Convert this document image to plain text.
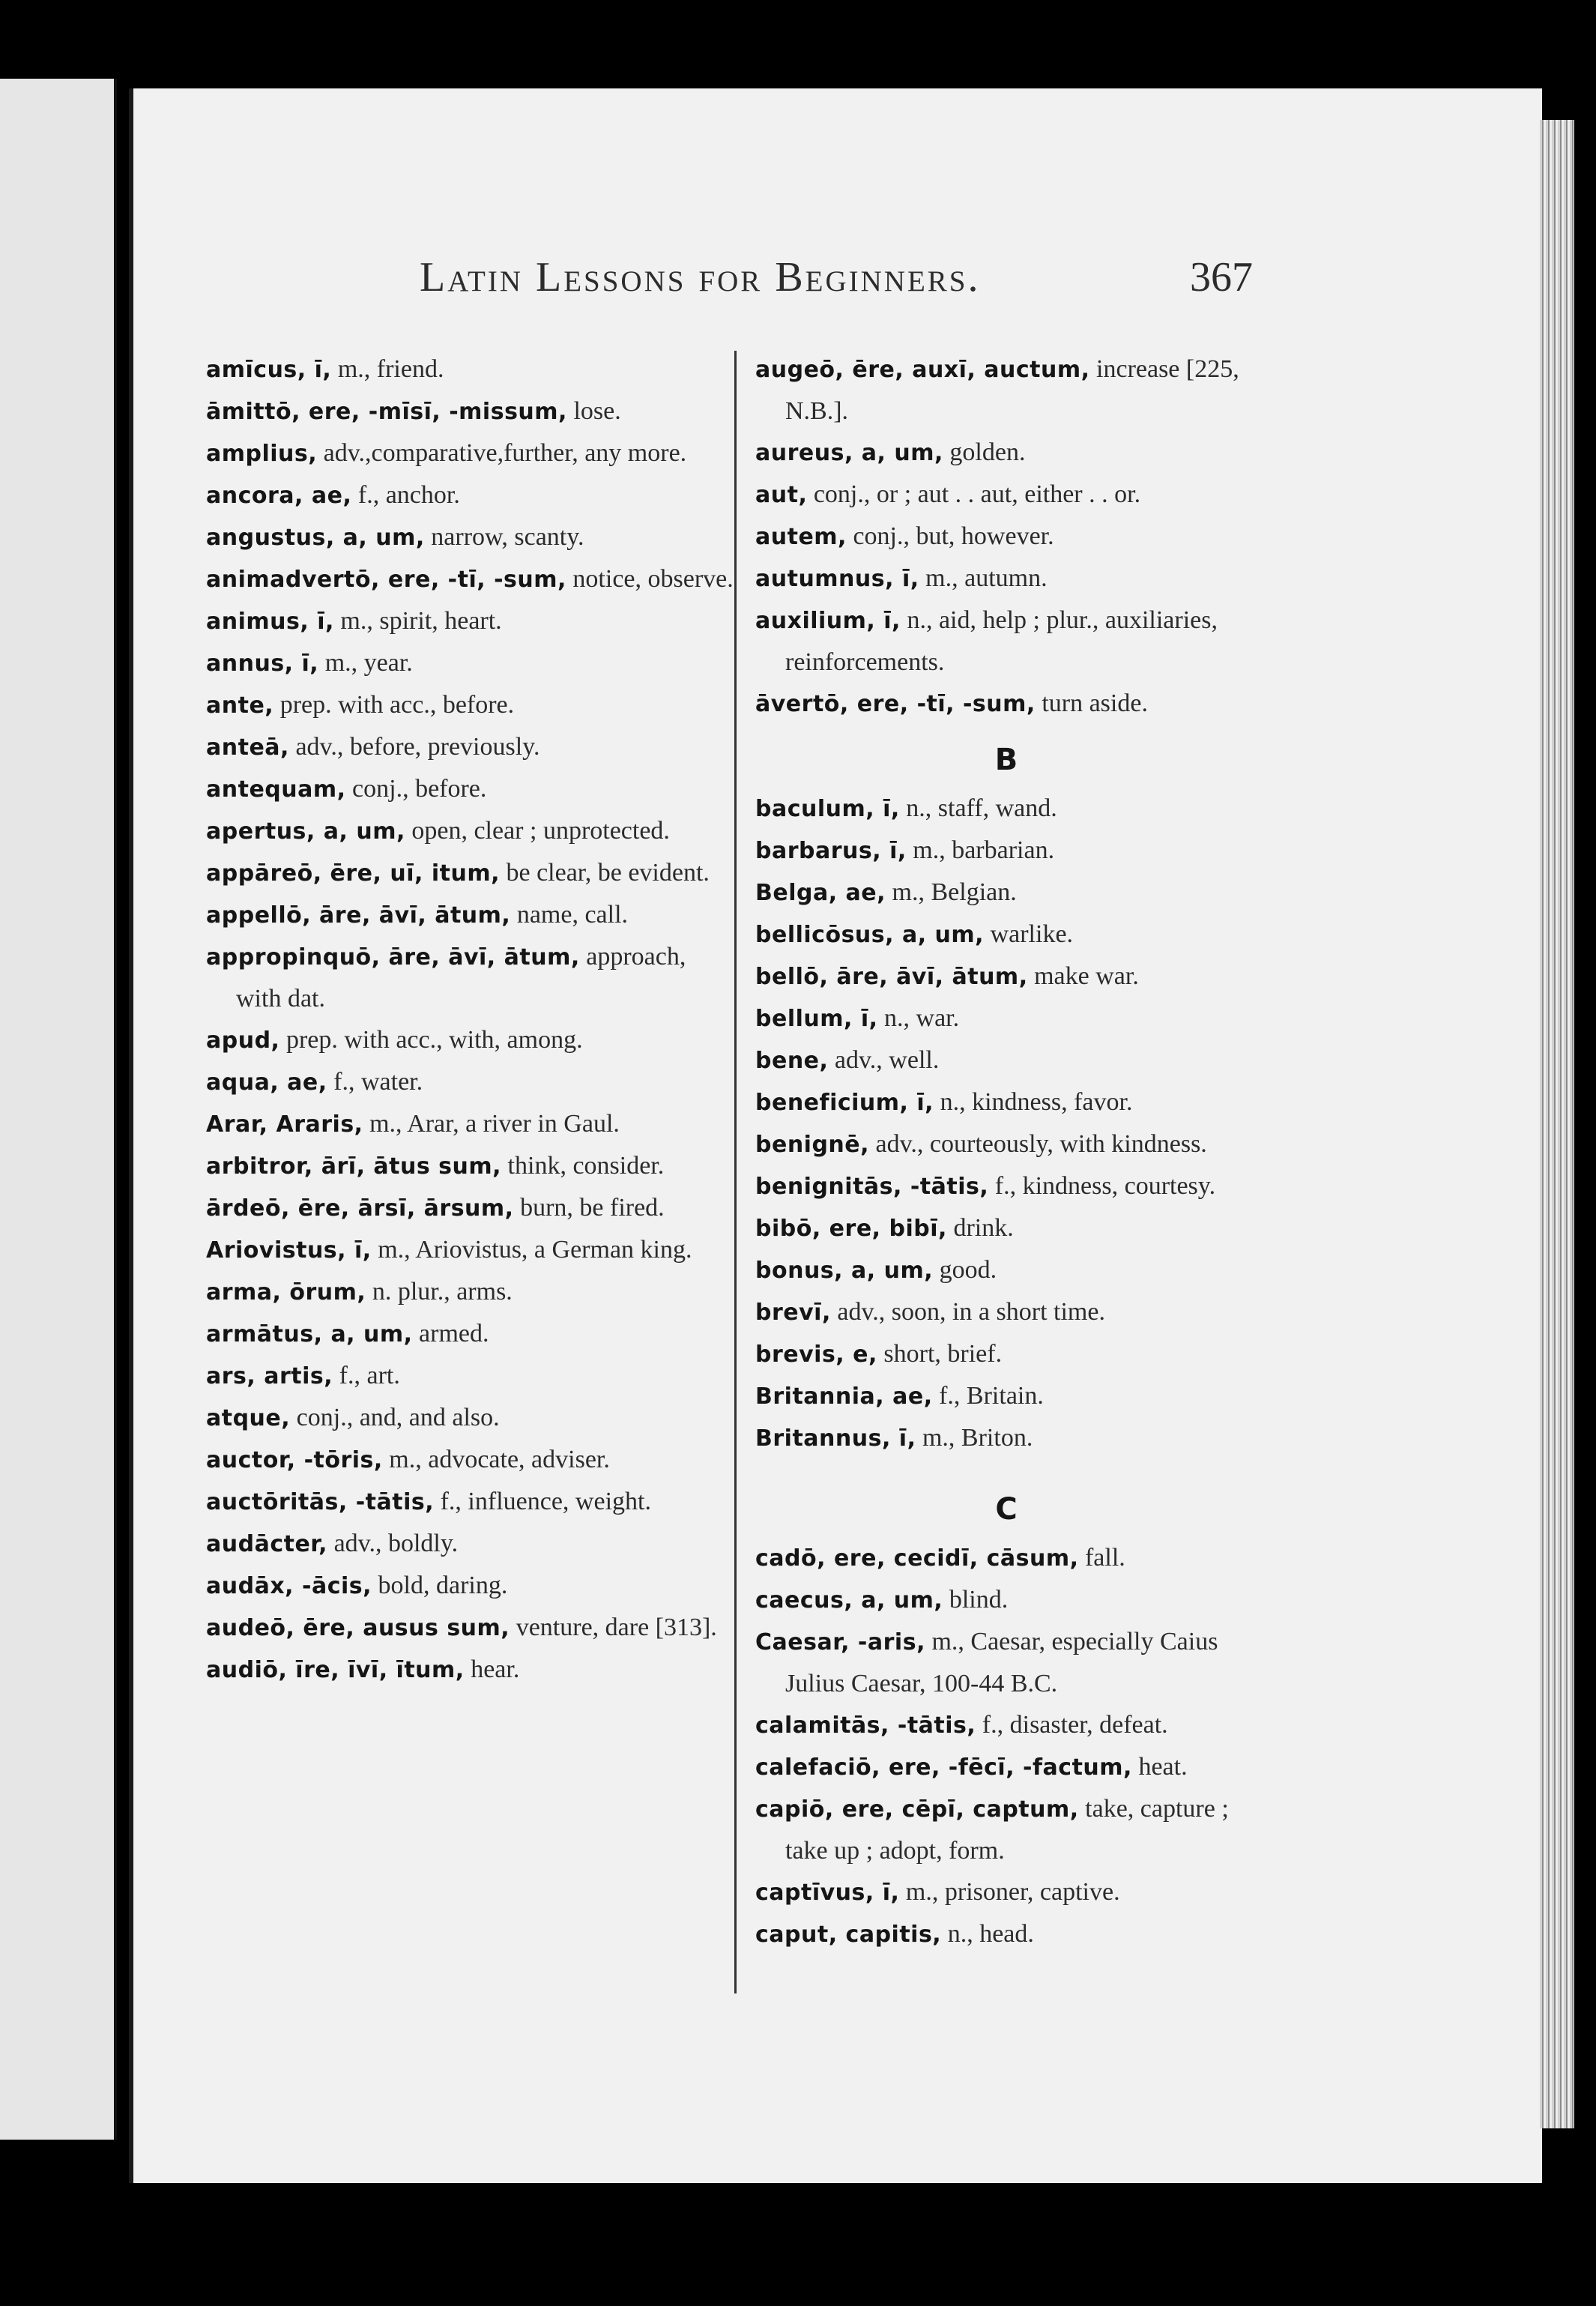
Latin Lessons for Beginners.	367
amīcus, ī, m., friend.
āmittō, ere, -mīsī, -missum, lose.
amplius, adv.,comparative,further, any more.
ancora, ae, f., anchor.
angustus, a, um, narrow, scanty.
animadvertō, ere, -tī, -sum, notice, observe.
animus, ī, m., spirit, heart.
annus, ī, m., year.
ante, prep. with acc., before.
anteā, adv., before, previously.
antequam, conj., before.
apertus, a, um, open, clear ; unprotected.
appāreō, ēre, uī, itum, be clear, be evident.
appellō, āre, āvī, ātum, name, call.
appropinquō, āre, āvī, ātum, approach, with dat.
apud, prep. with acc., with, among.
aqua, ae, f., water.
Arar, Araris, m., Arar, a river in Gaul.
arbitror, ārī, ātus sum, think, consider.
ārdeō, ēre, ārsī, ārsum, burn, be fired.
Ariovistus, ī, m., Ariovistus, a German king.
arma, ōrum, n. plur., arms.
armātus, a, um, armed.
ars, artis, f., art.
atque, conj., and, and also.
auctor, -tōris, m., advocate, adviser.
auctōritās, -tātis, f., influence, weight.
audācter, adv., boldly.
audāx, -ācis, bold, daring.
audeō, ēre, ausus sum, venture, dare [313].
audiō, īre, īvī, ītum, hear.
augeō, ēre, auxī, auctum, increase [225, N.B.].
aureus, a, um, golden.
aut, conj., or ; aut . . aut, either . . or.
autem, conj., but, however.
autumnus, ī, m., autumn.
auxilium, ī, n., aid, help ; plur., auxiliaries, reinforcements.
āvertō, ere, -tī, -sum, turn aside.
B
baculum, ī, n., staff, wand.
barbarus, ī, m., barbarian.
Belga, ae, m., Belgian.
bellicōsus, a, um, warlike.
bellō, āre, āvī, ātum, make war.
bellum, ī, n., war.
bene, adv., well.
beneficium, ī, n., kindness, favor.
benignē, adv., courteously, with kindness.
benignitās, -tātis, f., kindness, courtesy.
bibō, ere, bibī, drink.
bonus, a, um, good.
brevī, adv., soon, in a short time.
brevis, e, short, brief.
Britannia, ae, f., Britain.
Britannus, ī, m., Briton.
C
cadō, ere, cecidī, cāsum, fall.
caecus, a, um, blind.
Caesar, -aris, m., Caesar, especially Caius Julius Caesar, 100-44 B.C.
calamitās, -tātis, f., disaster, defeat.
calefaciō, ere, -fēcī, -factum, heat.
capiō, ere, cēpī, captum, take, capture ; take up ; adopt, form.
captīvus, ī, m., prisoner, captive.
caput, capitis, n., head.
